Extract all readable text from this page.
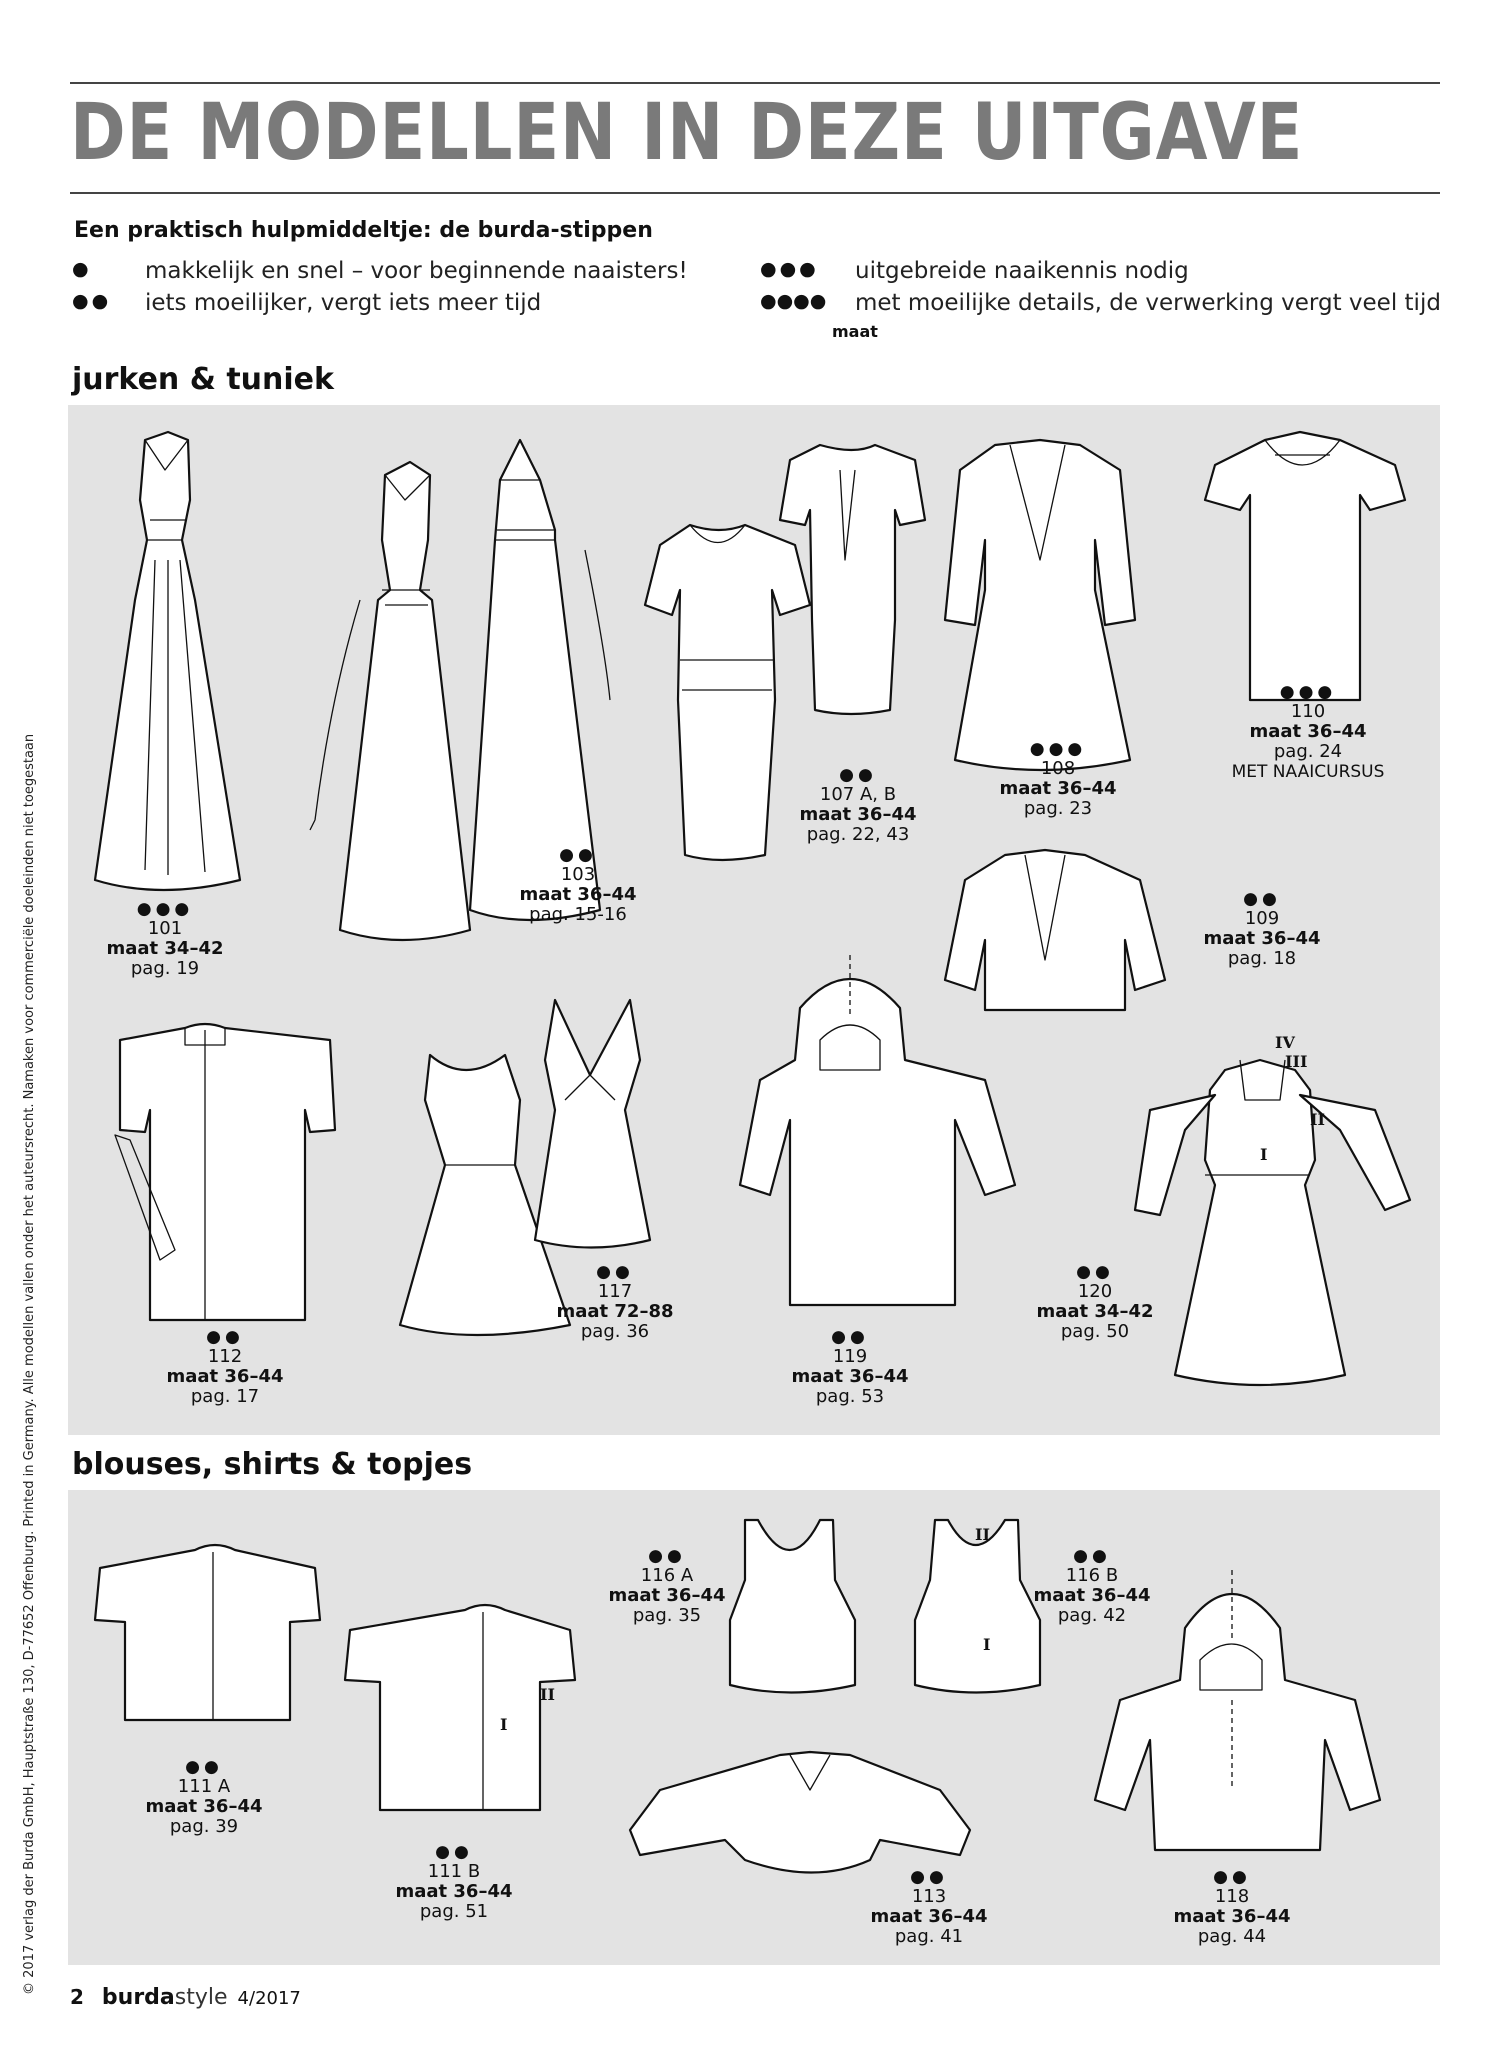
DE MODELLEN IN DEZE UITGAVE
Een praktisch hulpmiddeltje: de burda-stippen
● makkelijk en snel – voor beginnende naaisters!
●● iets moeilijker, vergt iets meer tijd
●●● uitgebreide naaikennis nodig
●●●● met moeilijke details, de verwerking vergt veel tijd
maat
jurken & tuniek
blouses, shirts & topjes
IV
III
II
I
II
I
II
I
●●●
101
maat 34–42
pag. 19
●●
103
maat 36–44
pag. 15-16
●●
107 A, B
maat 36–44
pag. 22, 43
●●●
108
maat 36–44
pag. 23
●●●
110
maat 36–44
pag. 24
MET NAAICURSUS
●●
109
maat 36–44
pag. 18
●●
112
maat 36–44
pag. 17
●●
117
maat 72–88
pag. 36	●●
119
maat 36–44
pag. 53
●●
120
maat 34–42
pag. 50
●●
116 A
maat 36–44
pag. 35
●●
116 B
maat 36–44
pag. 42
●●
111 A
maat 36–44
pag. 39
●●
111 B
maat 36–44
pag. 51
●●
113
maat 36–44
pag. 41
●●
118
maat 36–44
pag. 44
© 2017 verlag der Burda GmbH, Hauptstraße 130, D-77652 Offenburg. Printed in Germany. Alle modellen vallen onder het auteursrecht. Namaken voor commerciële doeleinden niet toegestaan
2 burdastyle 4/2017
